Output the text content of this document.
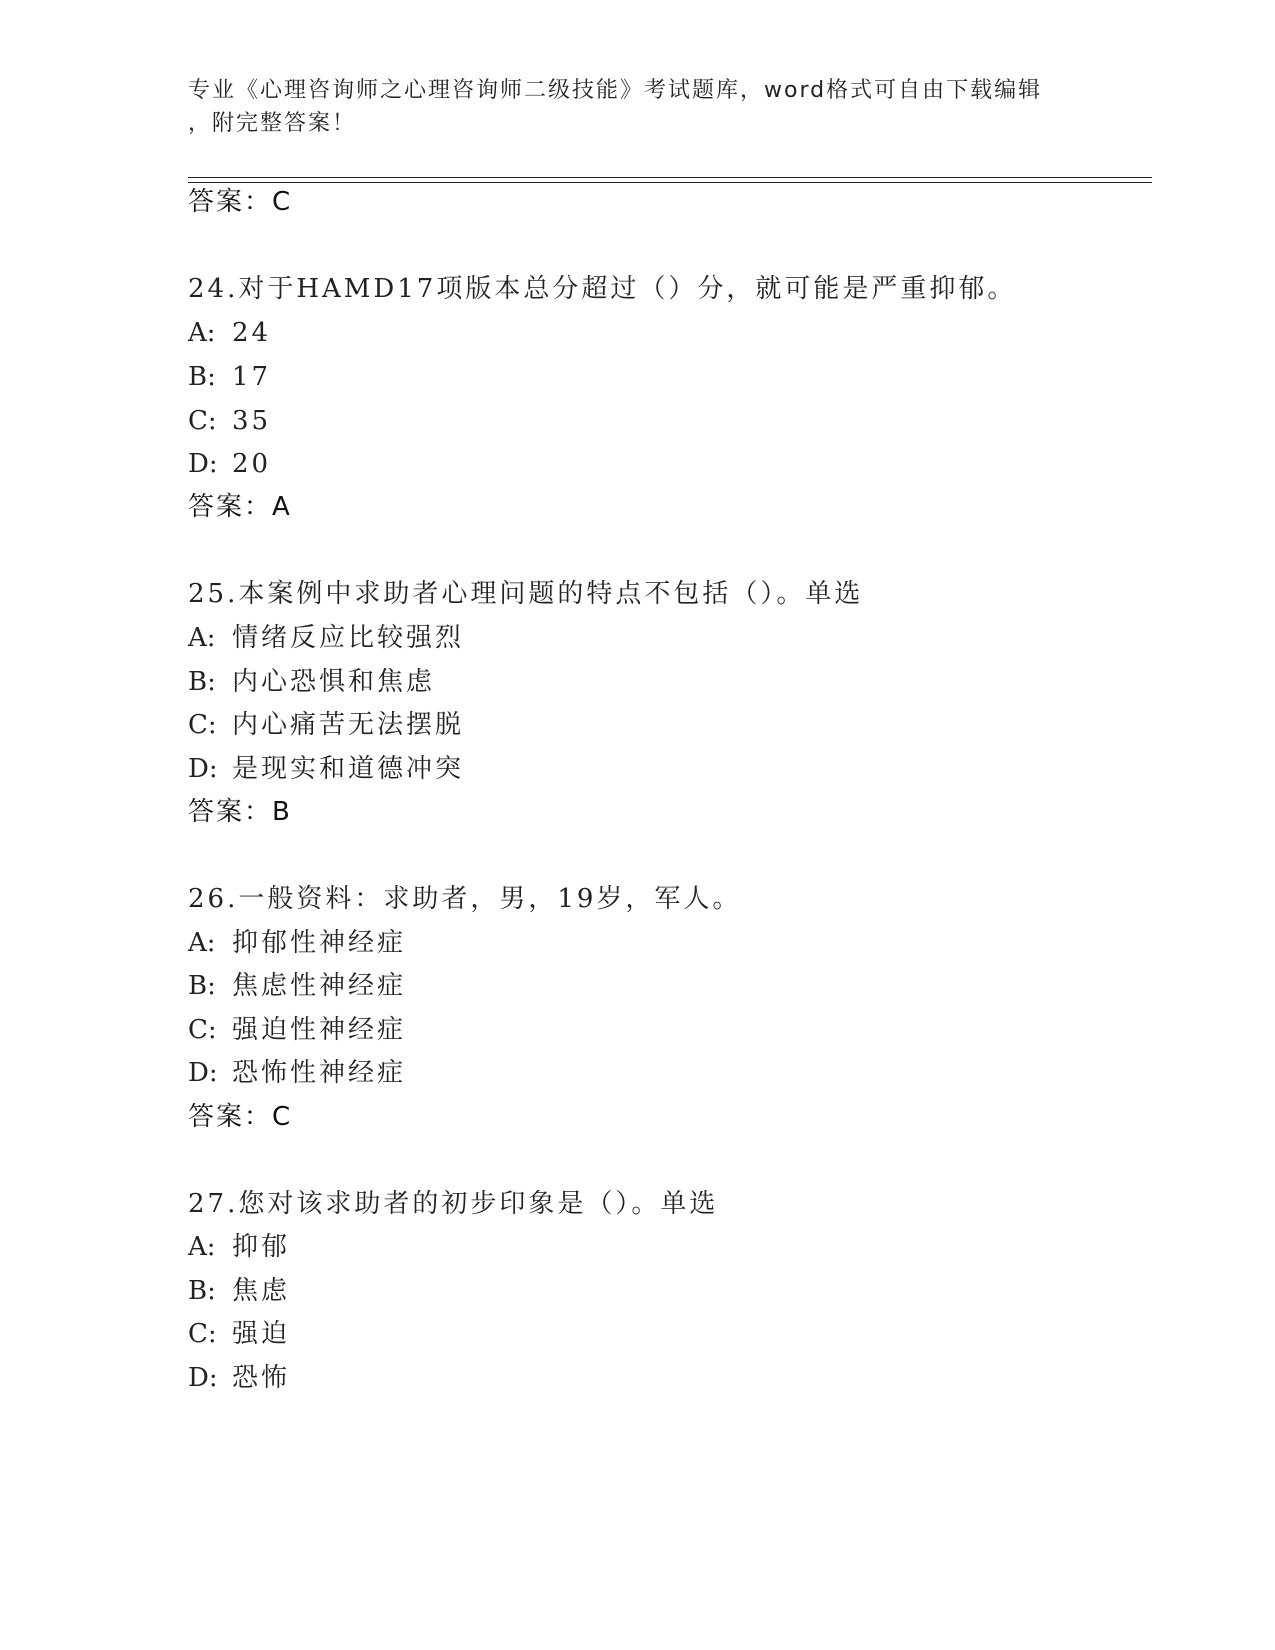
专业《心理咨询师之心理咨询师二级技能》考试题库，word格式可自由下载编辑
，附完整答案！
答案：C
24.对于HAMD17项版本总分超过（）分，就可能是严重抑郁。
A: 24
B: 17
C: 35
D: 20
答案：A
25.本案例中求助者心理问题的特点不包括（）。单选
A: 情绪反应比较强烈
B: 内心恐惧和焦虑
C: 内心痛苦无法摆脱
D: 是现实和道德冲突
答案：B
26.一般资料：求助者，男，19岁，军人。
A: 抑郁性神经症
B: 焦虑性神经症
C: 强迫性神经症
D: 恐怖性神经症
答案：C
27.您对该求助者的初步印象是（）。单选
A: 抑郁
B: 焦虑
C: 强迫
D: 恐怖
